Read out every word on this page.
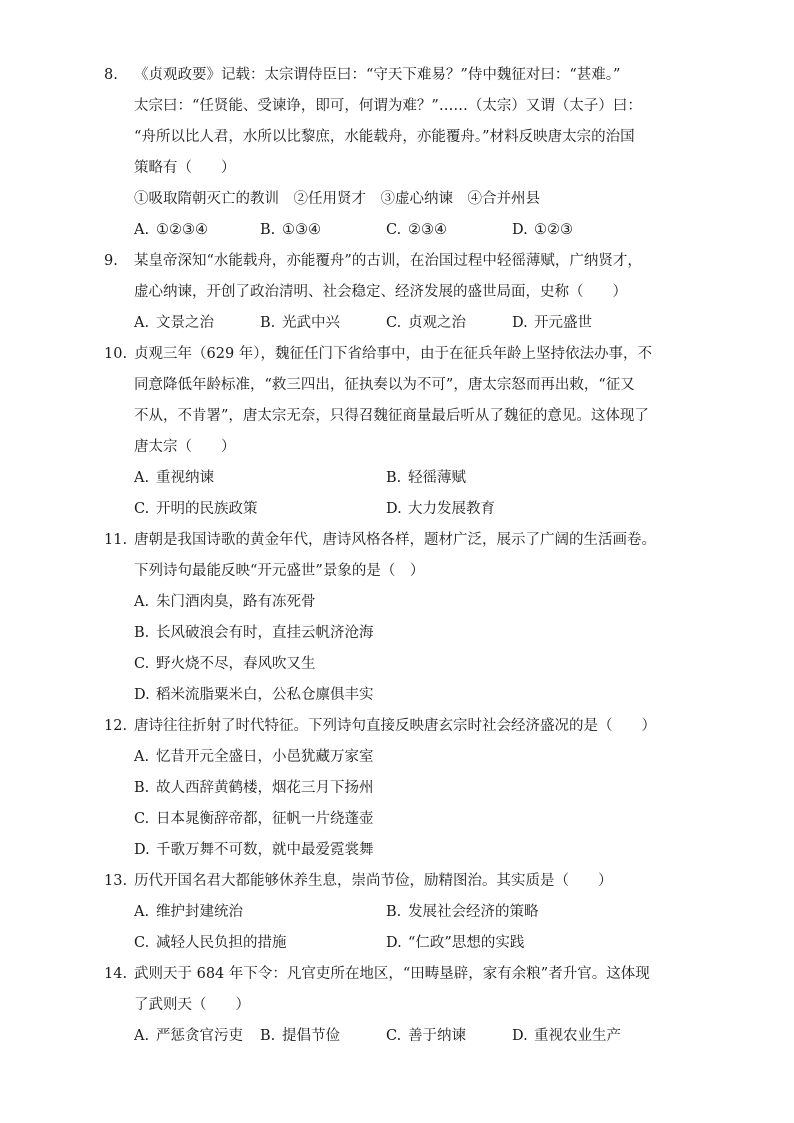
8.	《贞观政要》记载：太宗谓侍臣曰：“守天下难易？”侍中魏征对曰：“甚难。”
太宗曰：“任贤能、受谏诤，即可，何谓为难？”……（太宗）又谓（太子）曰：
“舟所以比人君，水所以比黎庶，水能载舟，亦能覆舟。”材料反映唐太宗的治国
策略有（　　）
①吸取隋朝灭亡的教训　②任用贤才　③虚心纳谏　④合并州县
A. ①②③④	B. ①③④	C. ②③④	D. ①②③
9.	某皇帝深知“水能载舟，亦能覆舟”的古训，在治国过程中轻徭薄赋，广纳贤才，
虚心纳谏，开创了政治清明、社会稳定、经济发展的盛世局面，史称（　　）
A. 文景之治	B. 光武中兴	C. 贞观之治	D. 开元盛世
10. 贞观三年（629 年），魏征任门下省给事中，由于在征兵年龄上坚持依法办事，不
同意降低年龄标准，“救三四出，征执奏以为不可”，唐太宗怒而再出敕，“征又
不从，不肯署”，唐太宗无奈，只得召魏征商量最后听从了魏征的意见。这体现了
唐太宗（　　）
A. 重视纳谏	B. 轻徭薄赋
C. 开明的民族政策	D. 大力发展教育
11. 唐朝是我国诗歌的黄金年代，唐诗风格各样，题材广泛，展示了广阔的生活画卷。
下列诗句最能反映“开元盛世”景象的是（　）
A. 朱门酒肉臭，路有冻死骨
B. 长风破浪会有时，直挂云帆济沧海
C. 野火烧不尽，春风吹又生
D. 稻米流脂粟米白，公私仓廪俱丰实
12. 唐诗往往折射了时代特征。下列诗句直接反映唐玄宗时社会经济盛况的是（　　）
A. 忆昔开元全盛日，小邑犹藏万家室
B. 故人西辞黄鹤楼，烟花三月下扬州
C. 日本晁衡辞帝都，征帆一片绕蓬壶
D. 千歌万舞不可数，就中最爱霓裳舞
13. 历代开国名君大都能够休养生息，崇尚节俭，励精图治。其实质是（　　）
A. 维护封建统治	B. 发展社会经济的策略
C. 减轻人民负担的措施	D. “仁政”思想的实践
14. 武则天于 684 年下令：凡官吏所在地区，“田畴垦辟，家有余粮”者升官。这体现
了武则天（　　）
A. 严惩贪官污吏	B. 提倡节俭	C. 善于纳谏	D. 重视农业生产
